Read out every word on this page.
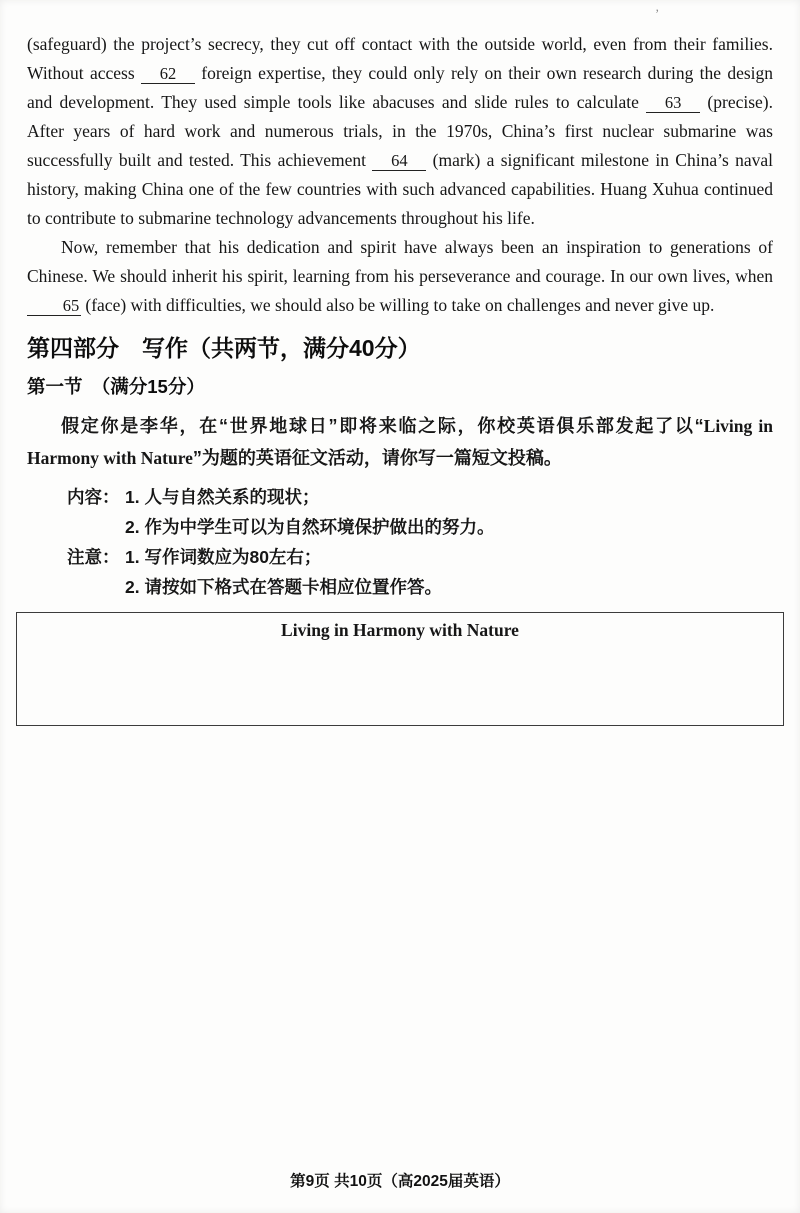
’

(safeguard) the project’s secrecy, they cut off contact with the outside world, even from their families. Without access 62 foreign expertise, they could only rely on their own research during the design and development. They used simple tools like abacuses and slide rules to calculate 63 (precise). After years of hard work and numerous trials, in the 1970s, China’s first nuclear submarine was successfully built and tested. This achievement 64 (mark) a significant milestone in China’s naval history, making China one of the few countries with such advanced capabilities. Huang Xuhua continued to contribute to submarine technology advancements throughout his life.

Now, remember that his dedication and spirit have always been an inspiration to generations of Chinese. We should inherit his spirit, learning from his perseverance and courage. In our own lives, when 65 (face) with difficulties, we should also be willing to take on challenges and never give up.

第四部分　写作（共两节，满分40分）
第一节　（满分15分）

假定你是李华，在“世界地球日”即将来临之际，你校英语俱乐部发起了以“Living in Harmony with Nature”为题的英语征文活动，请你写一篇短文投稿。

内容： 1. 人与自然关系的现状；
2. 作为中学生可以为自然环境保护做出的努力。
注意： 1. 写作词数应为80左右；
2. 请按如下格式在答题卡相应位置作答。
Living in Harmony with Nature
第9页 共10页（高2025届英语）
